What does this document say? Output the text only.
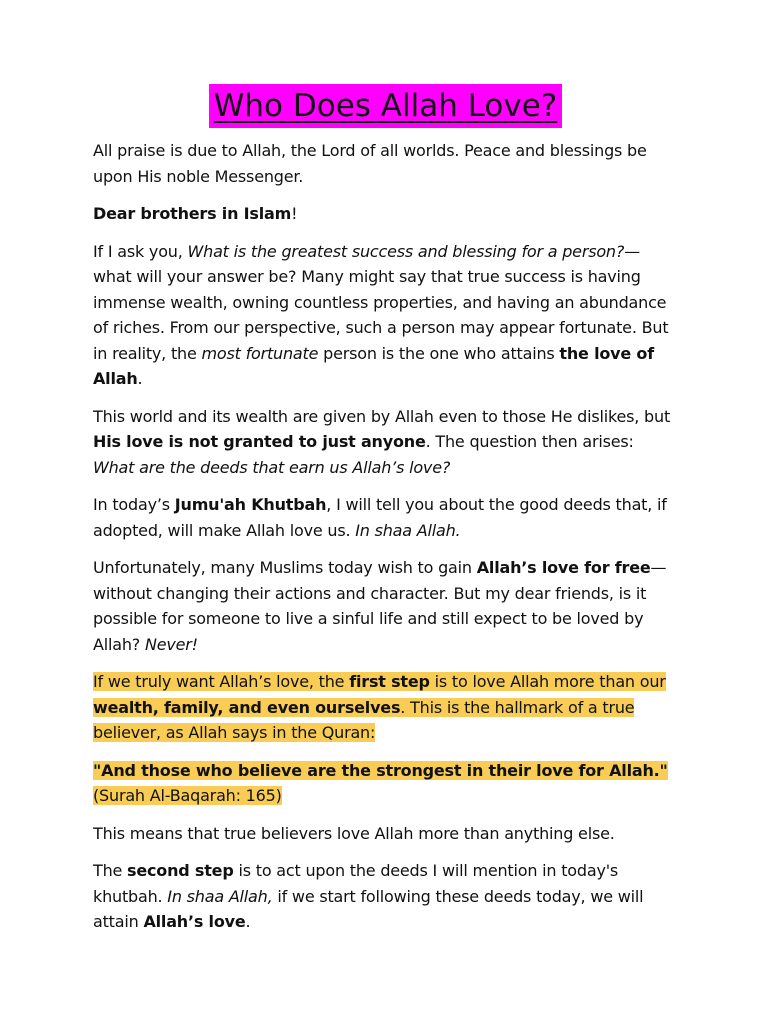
Who Does Allah Love?

All praise is due to Allah, the Lord of all worlds. Peace and blessings be upon His noble Messenger.

Dear brothers in Islam!

If I ask you, What is the greatest success and blessing for a person?—what will your answer be? Many might say that true success is having immense wealth, owning countless properties, and having an abundance of riches. From our perspective, such a person may appear fortunate. But in reality, the most fortunate person is the one who attains the love of Allah.

This world and its wealth are given by Allah even to those He dislikes, but His love is not granted to just anyone. The question then arises: What are the deeds that earn us Allah’s love?

In today’s Jumu'ah Khutbah, I will tell you about the good deeds that, if adopted, will make Allah love us. In shaa Allah.

Unfortunately, many Muslims today wish to gain Allah’s love for free—without changing their actions and character. But my dear friends, is it possible for someone to live a sinful life and still expect to be loved by Allah? Never!

If we truly want Allah’s love, the first step is to love Allah more than our wealth, family, and even ourselves. This is the hallmark of a true believer, as Allah says in the Quran:

"And those who believe are the strongest in their love for Allah." (Surah Al-Baqarah: 165)

This means that true believers love Allah more than anything else.

The second step is to act upon the deeds I will mention in today's khutbah. In shaa Allah, if we start following these deeds today, we will attain Allah’s love.
